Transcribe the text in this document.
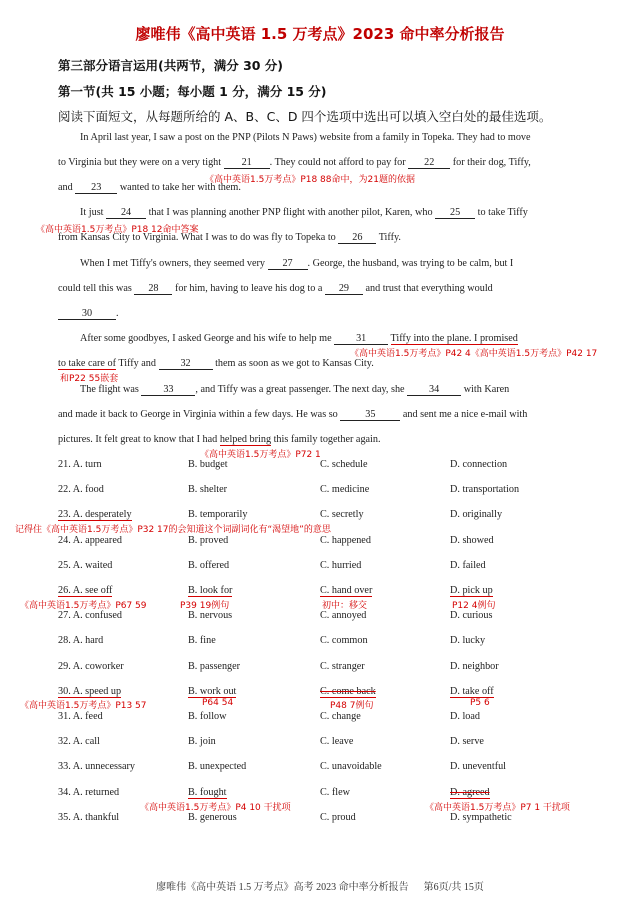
廖唯伟《高中英语 1.5 万考点》2023 命中率分析报告
第三部分语言运用(共两节，满分 30 分)
第一节(共 15 小题；每小题 1 分，满分 15 分)
阅读下面短文，从每题所给的 A、B、C、D 四个选项中选出可以填入空白处的最佳选项。
In April last year, I saw a post on the PNP (Pilots N Paws) website from a family in Topeka. They had to move
to Virginia but they were on a very tight 21 . They could not afford to pay for 22 for their dog, Tiffy,
《高中英语1.5万考点》P18 88命中，为21题的依据
and 23 wanted to take her with them.
It just 24 that I was planning another PNP flight with another pilot, Karen, who 25 to take Tiffy
《高中英语1.5万考点》P18 12命中答案
from Kansas City to Virginia. What I was to do was fly to Topeka to 26 Tiffy.
When I met Tiffy's owners, they seemed very 27 . George, the husband, was trying to be calm, but I
could tell this was 28 for him, having to leave his dog to a 29 and trust that everything would
30 .
After some goodbyes, I asked George and his wife to help me 31 Tiffy into the plane. I promised
《高中英语1.5万考点》P42 4《高中英语1.5万考点》P42 17
to take care of Tiffy and 32 them as soon as we got to Kansas City.
和P22 55嵌套
The flight was 33 , and Tiffy was a great passenger. The next day, she 34 with Karen
and made it back to George in Virginia within a few days. He was so	35	and sent me a nice e-mail with
pictures. It felt great to know that I had helped bring this family together again.
《高中英语1.5万考点》P72 1
21. A. turn	B. budget	C. schedule	D. connection
22. A. food	B. shelter	C. medicine	D. transportation
23. A. desperately	B. temporarily	C. secretly	D. originally
24. A. appeared	B. proved	C. happened	D. showed
25. A. waited	B. offered	C. hurried	D. failed
26. A. see off	B. look for	C. hand over	D. pick up
27. A. confused	B. nervous	C. annoyed	D. curious
28. A. hard	B. fine	C. common	D. lucky
29. A. coworker	B. passenger	C. stranger	D. neighbor
30. A. speed up	B. work out	C. come back	D. take off
31. A. feed	B. follow	C. change	D. load
32. A. call	B. join	C. leave	D. serve
33. A. unnecessary	B. unexpected	C. unavoidable	D. uneventful
34. A. returned	B. fought	C. flew	D. agreed
35. A. thankful	B. generous	C. proud	D. sympathetic
记得住《高中英语1.5万考点》P32 17的会知道这个词副词化有“渴望地”的意思
《高中英语1.5万考点》P67 59	P39 19例句	初中：移交	P12 4例句
《高中英语1.5万考点》P13 57	P64 54	P48 7例句	P5 6
《高中英语1.5万考点》P4 10 干扰项	《高中英语1.5万考点》P7 1 干扰项
廖唯伟《高中英语 1.5 万考点》高考 2023 命中率分析报告 第6页/共 15页
